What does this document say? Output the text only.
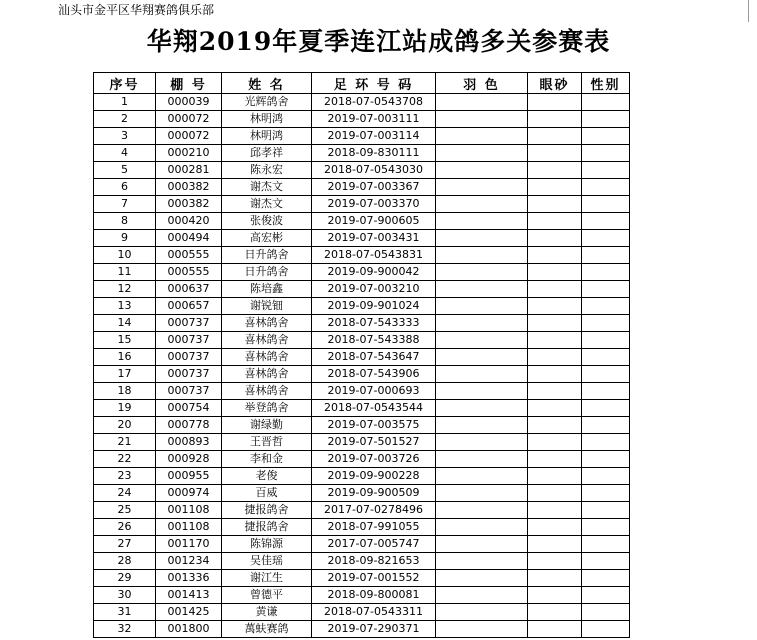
汕头市金平区华翔赛鸽俱乐部
华翔2019年夏季连江站成鸽多关参赛表
序号	棚 号	姓 名	足 环 号 码	羽 色	眼砂	性别
1	000039	光辉鸽舍	2018-07-0543708			
2	000072	林明鸿	2019-07-003111			
3	000072	林明鸿	2019-07-003114			
4	000210	邱孝祥	2018-09-830111			
5	000281	陈永宏	2018-07-0543030			
6	000382	谢杰文	2019-07-003367			
7	000382	谢杰文	2019-07-003370			
8	000420	张俊波	2019-07-900605			
9	000494	高宏彬	2019-07-003431			
10	000555	日升鸽舍	2018-07-0543831			
11	000555	日升鸽舍	2019-09-900042			
12	000637	陈培鑫	2019-07-003210			
13	000657	谢锐钿	2019-09-901024			
14	000737	喜林鸽舍	2018-07-543333			
15	000737	喜林鸽舍	2018-07-543388			
16	000737	喜林鸽舍	2018-07-543647			
17	000737	喜林鸽舍	2018-07-543906			
18	000737	喜林鸽舍	2019-07-000693			
19	000754	举登鸽舍	2018-07-0543544			
20	000778	谢绿勤	2019-07-003575			
21	000893	王晋哲	2019-07-501527			
22	000928	李和金	2019-07-003726			
23	000955	老俊	2019-09-900228			
24	000974	百威	2019-09-900509			
25	001108	捷报鸽舍	2017-07-0278496			
26	001108	捷报鸽舍	2018-07-991055			
27	001170	陈锦源	2017-07-005747			
28	001234	吴佳瑶	2018-09-821653			
29	001336	谢江生	2019-07-001552			
30	001413	曾德平	2018-09-800081			
31	001425	黄谦	2018-07-0543311			
32	001800	萬蚨赛鸽	2019-07-290371			
